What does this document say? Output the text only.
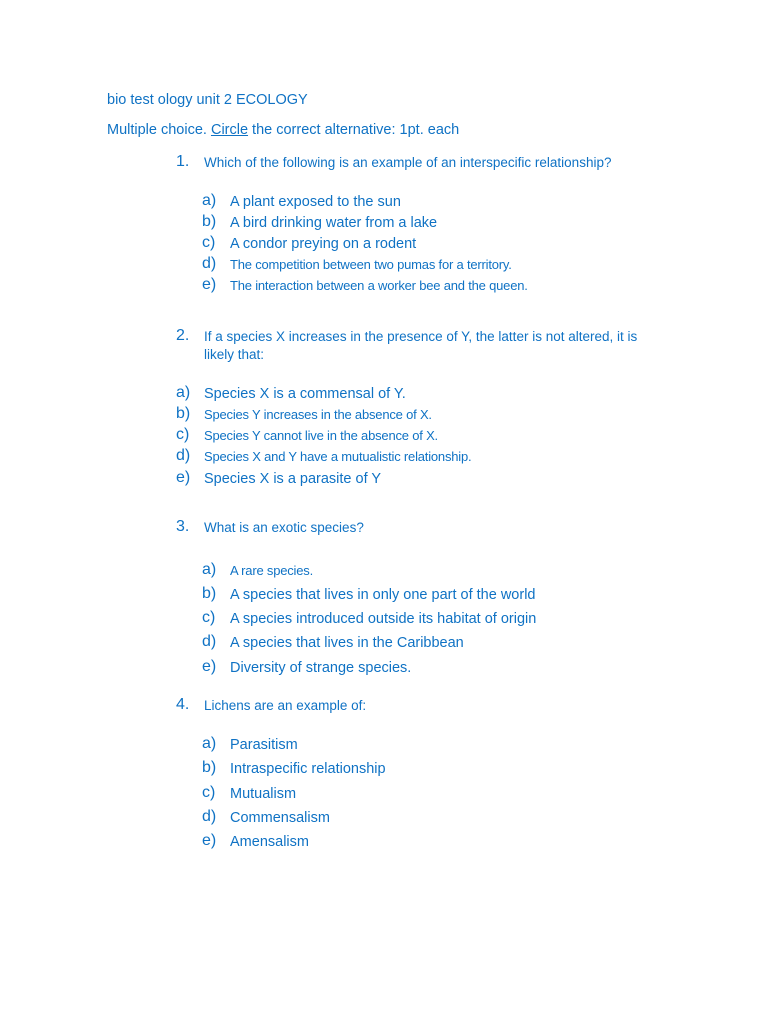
bio test ology unit 2 ECOLOGY
Multiple choice. Circle the correct alternative: 1pt. each
1. Which of the following is an example of an interspecific relationship?
a) A plant exposed to the sun
b) A bird drinking water from a lake
c) A condor preying on a rodent
d) The competition between two pumas for a territory.
e) The interaction between a worker bee and the queen.
2. If a species X increases in the presence of Y, the latter is not altered, it is likely that:
a) Species X is a commensal of Y.
b) Species Y increases in the absence of X.
c) Species Y cannot live in the absence of X.
d) Species X and Y have a mutualistic relationship.
e) Species X is a parasite of Y
3. What is an exotic species?
a) A rare species.
b) A species that lives in only one part of the world
c) A species introduced outside its habitat of origin
d) A species that lives in the Caribbean
e) Diversity of strange species.
4. Lichens are an example of:
a) Parasitism
b) Intraspecific relationship
c) Mutualism
d) Commensalism
e) Amensalism
